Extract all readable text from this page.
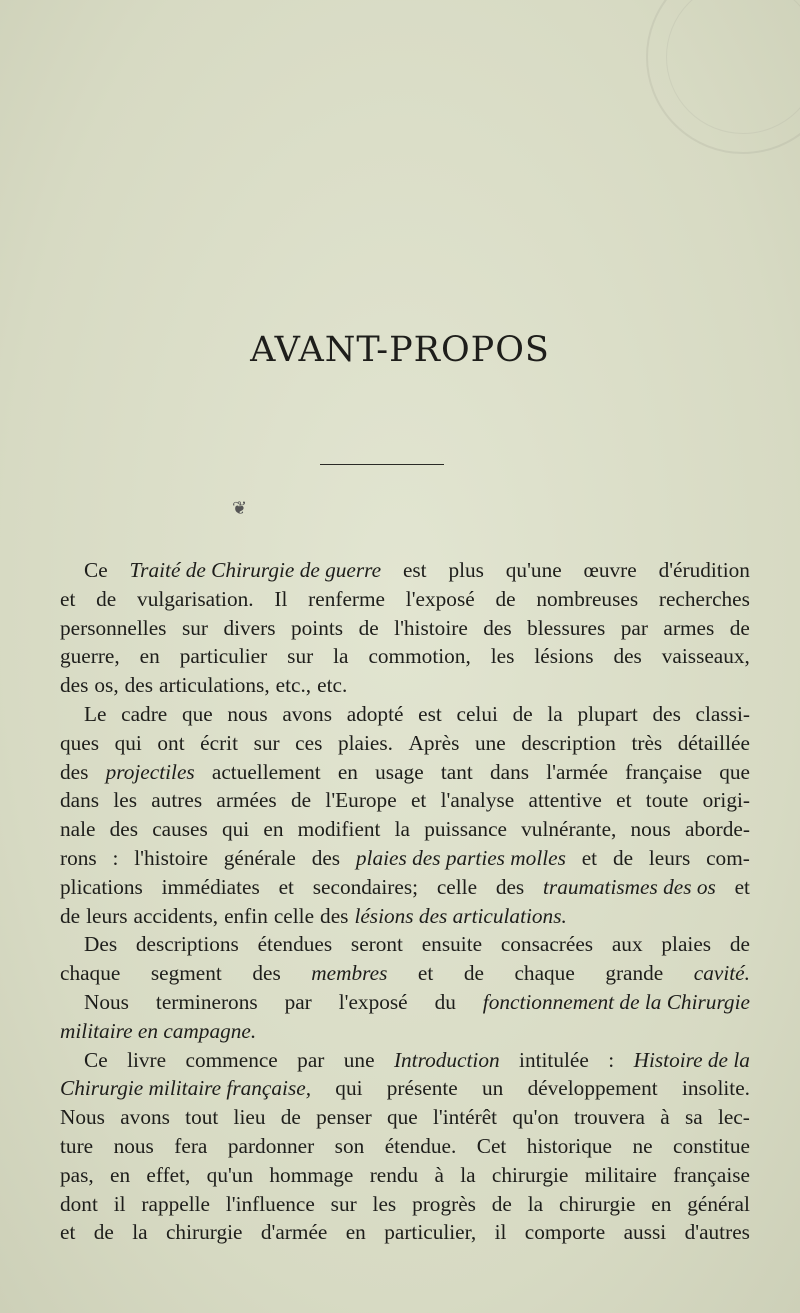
AVANT-PROPOS
❦
Ce Traité de Chirurgie de guerre est plus qu'une œuvre d'érudition
et de vulgarisation. Il renferme l'exposé de nombreuses recherches
personnelles sur divers points de l'histoire des blessures par armes de
guerre, en particulier sur la commotion, les lésions des vaisseaux,
des os, des articulations, etc., etc.
Le cadre que nous avons adopté est celui de la plupart des classi-
ques qui ont écrit sur ces plaies. Après une description très détaillée
des projectiles actuellement en usage tant dans l'armée française que
dans les autres armées de l'Europe et l'analyse attentive et toute origi-
nale des causes qui en modifient la puissance vulnérante, nous aborde-
rons : l'histoire générale des plaies des parties molles et de leurs com-
plications immédiates et secondaires; celle des traumatismes des os et
de leurs accidents, enfin celle des lésions des articulations.
Des descriptions étendues seront ensuite consacrées aux plaies de
chaque segment des membres et de chaque grande cavité.
Nous terminerons par l'exposé du fonctionnement de la Chirurgie
militaire en campagne.
Ce livre commence par une Introduction intitulée : Histoire de la
Chirurgie militaire française, qui présente un développement insolite.
Nous avons tout lieu de penser que l'intérêt qu'on trouvera à sa lec-
ture nous fera pardonner son étendue. Cet historique ne constitue
pas, en effet, qu'un hommage rendu à la chirurgie militaire française
dont il rappelle l'influence sur les progrès de la chirurgie en général
et de la chirurgie d'armée en particulier, il comporte aussi d'autres
